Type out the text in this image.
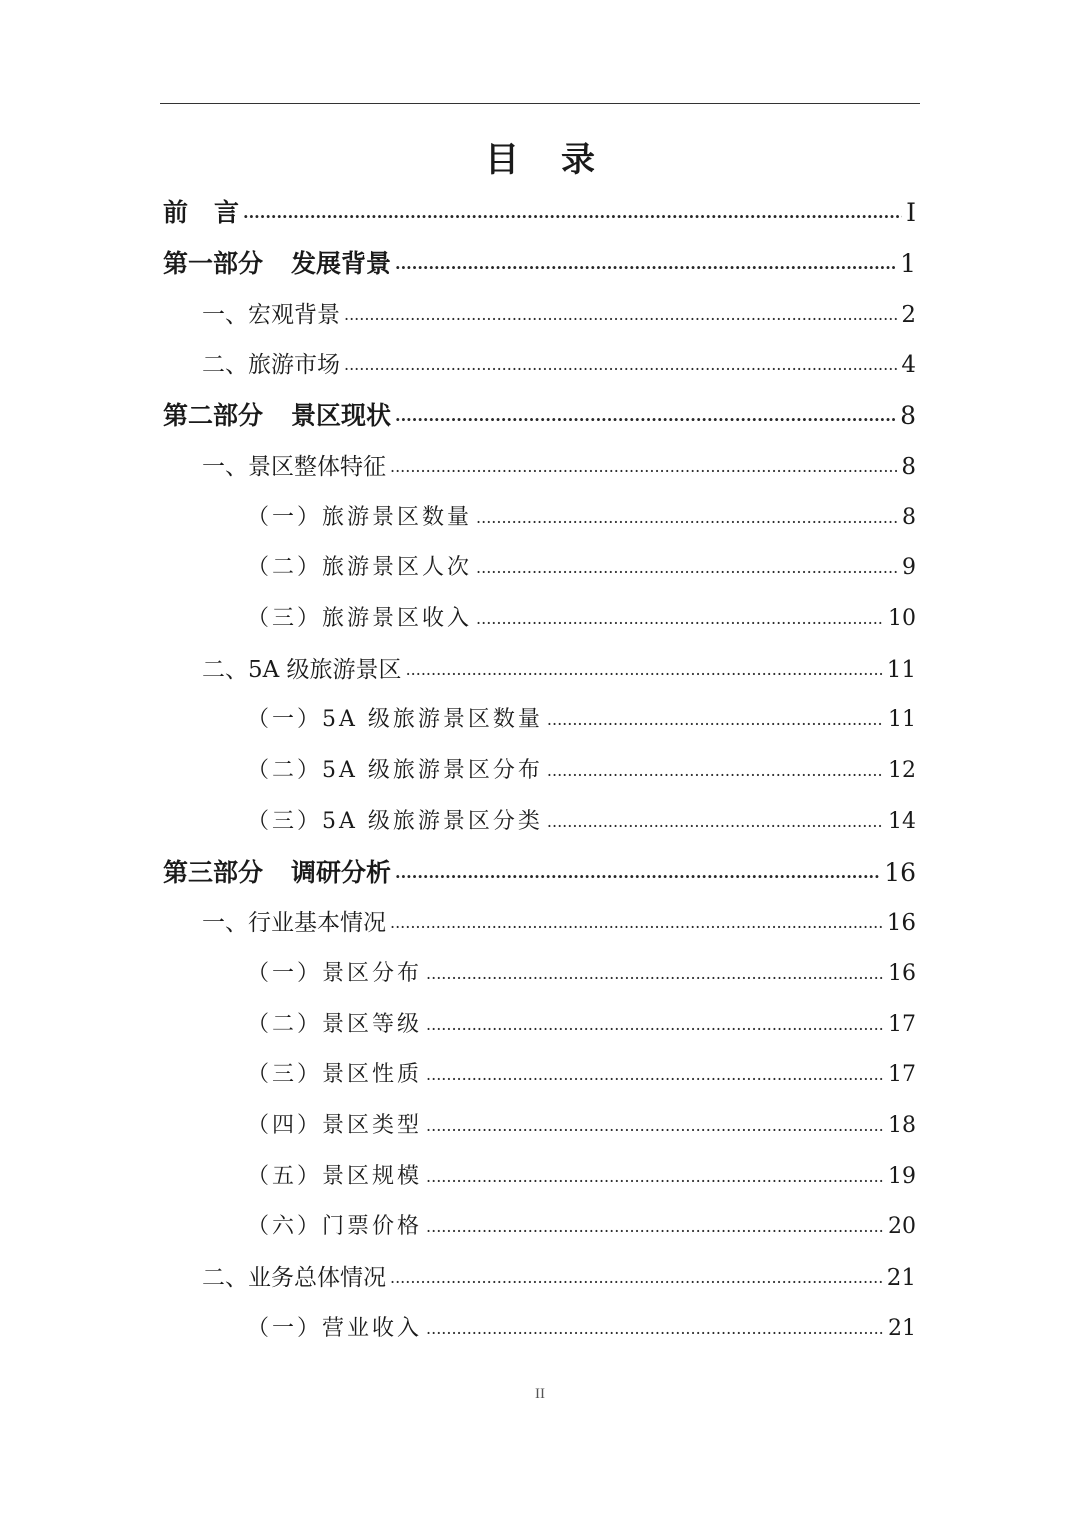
目 录
前 言 .....	I
第一部分 发展背景 .....	1
一、宏观背景 .....	2
二、旅游市场 .....	4
第二部分 景区现状 .....	8
一、景区整体特征 .....	8
（一）旅游景区数量 .....	8
（二）旅游景区人次 .....	9
（三）旅游景区收入 .....	10
二、5A 级旅游景区 .....	11
（一）5A 级旅游景区数量 .....	11
（二）5A 级旅游景区分布 .....	12
（三）5A 级旅游景区分类 .....	14
第三部分 调研分析 .....	16
一、行业基本情况 .....	16
（一）景区分布 .....	16
（二）景区等级 .....	17
（三）景区性质 .....	17
（四）景区类型 .....	18
（五）景区规模 .....	19
（六）门票价格 .....	20
二、业务总体情况 .....	21
（一）营业收入 .....	21
II
